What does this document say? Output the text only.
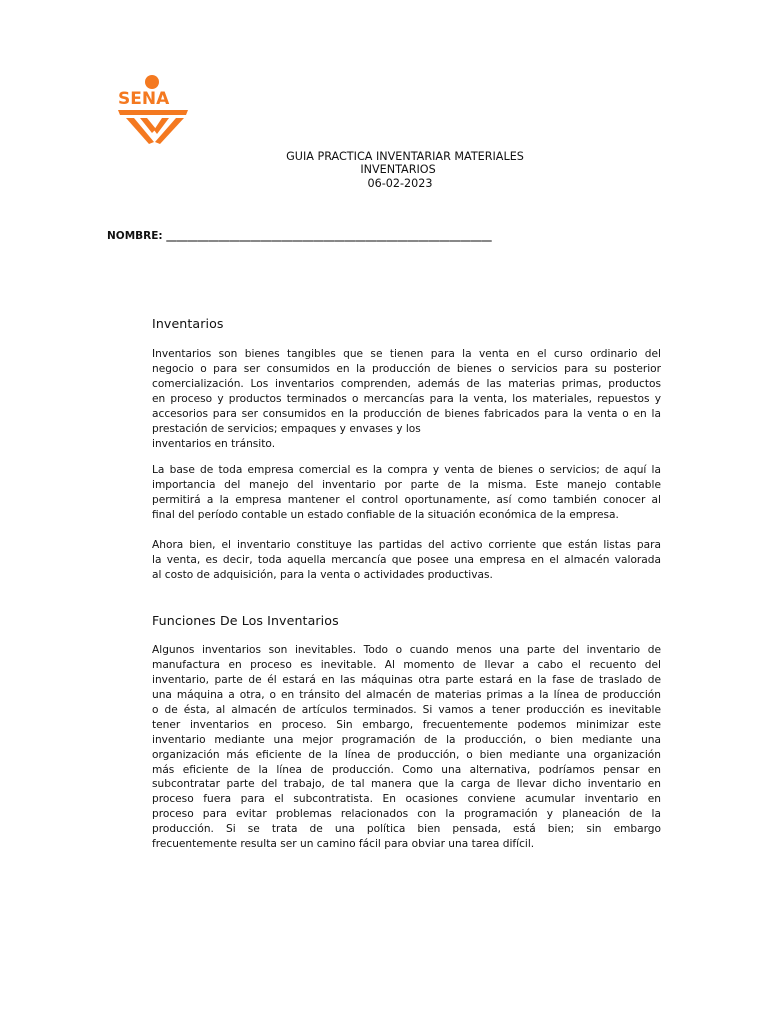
SENA
GUIA PRACTICA INVENTARIAR MATERIALES
INVENTARIOS
06-02-2023
NOMBRE: ______________________________________________________________
Inventarios
Inventarios son bienes tangibles que se tienen para la venta en el curso ordinario del
negocio o para ser consumidos en la producción de bienes o servicios para su posterior
comercialización. Los inventarios comprenden, además de las materias primas, productos
en proceso y productos terminados o mercancías para la venta, los materiales, repuestos y
accesorios para ser consumidos en la producción de bienes fabricados para la venta o en la
prestación de servicios; empaques y envases y los
inventarios en tránsito.
La base de toda empresa comercial es la compra y venta de bienes o servicios; de aquí la
importancia del manejo del inventario por parte de la misma. Este manejo contable
permitirá a la empresa mantener el control oportunamente, así como también conocer al
final del período contable un estado confiable de la situación económica de la empresa.
Ahora bien, el inventario constituye las partidas del activo corriente que están listas para
la venta, es decir, toda aquella mercancía que posee una empresa en el almacén valorada
al costo de adquisición, para la venta o actividades productivas.
Funciones De Los Inventarios
Algunos inventarios son inevitables. Todo o cuando menos una parte del inventario de
manufactura en proceso es inevitable. Al momento de llevar a cabo el recuento del
inventario, parte de él estará en las máquinas otra parte estará en la fase de traslado de
una máquina a otra, o en tránsito del almacén de materias primas a la línea de producción
o de ésta, al almacén de artículos terminados. Si vamos a tener producción es inevitable
tener inventarios en proceso. Sin embargo, frecuentemente podemos minimizar este
inventario mediante una mejor programación de la producción, o bien mediante una
organización más eficiente de la línea de producción, o bien mediante una organización
más eficiente de la línea de producción. Como una alternativa, podríamos pensar en
subcontratar parte del trabajo, de tal manera que la carga de llevar dicho inventario en
proceso fuera para el subcontratista. En ocasiones conviene acumular inventario en
proceso para evitar problemas relacionados con la programación y planeación de la
producción. Si se trata de una política bien pensada, está bien; sin embargo
frecuentemente resulta ser un camino fácil para obviar una tarea difícil.
